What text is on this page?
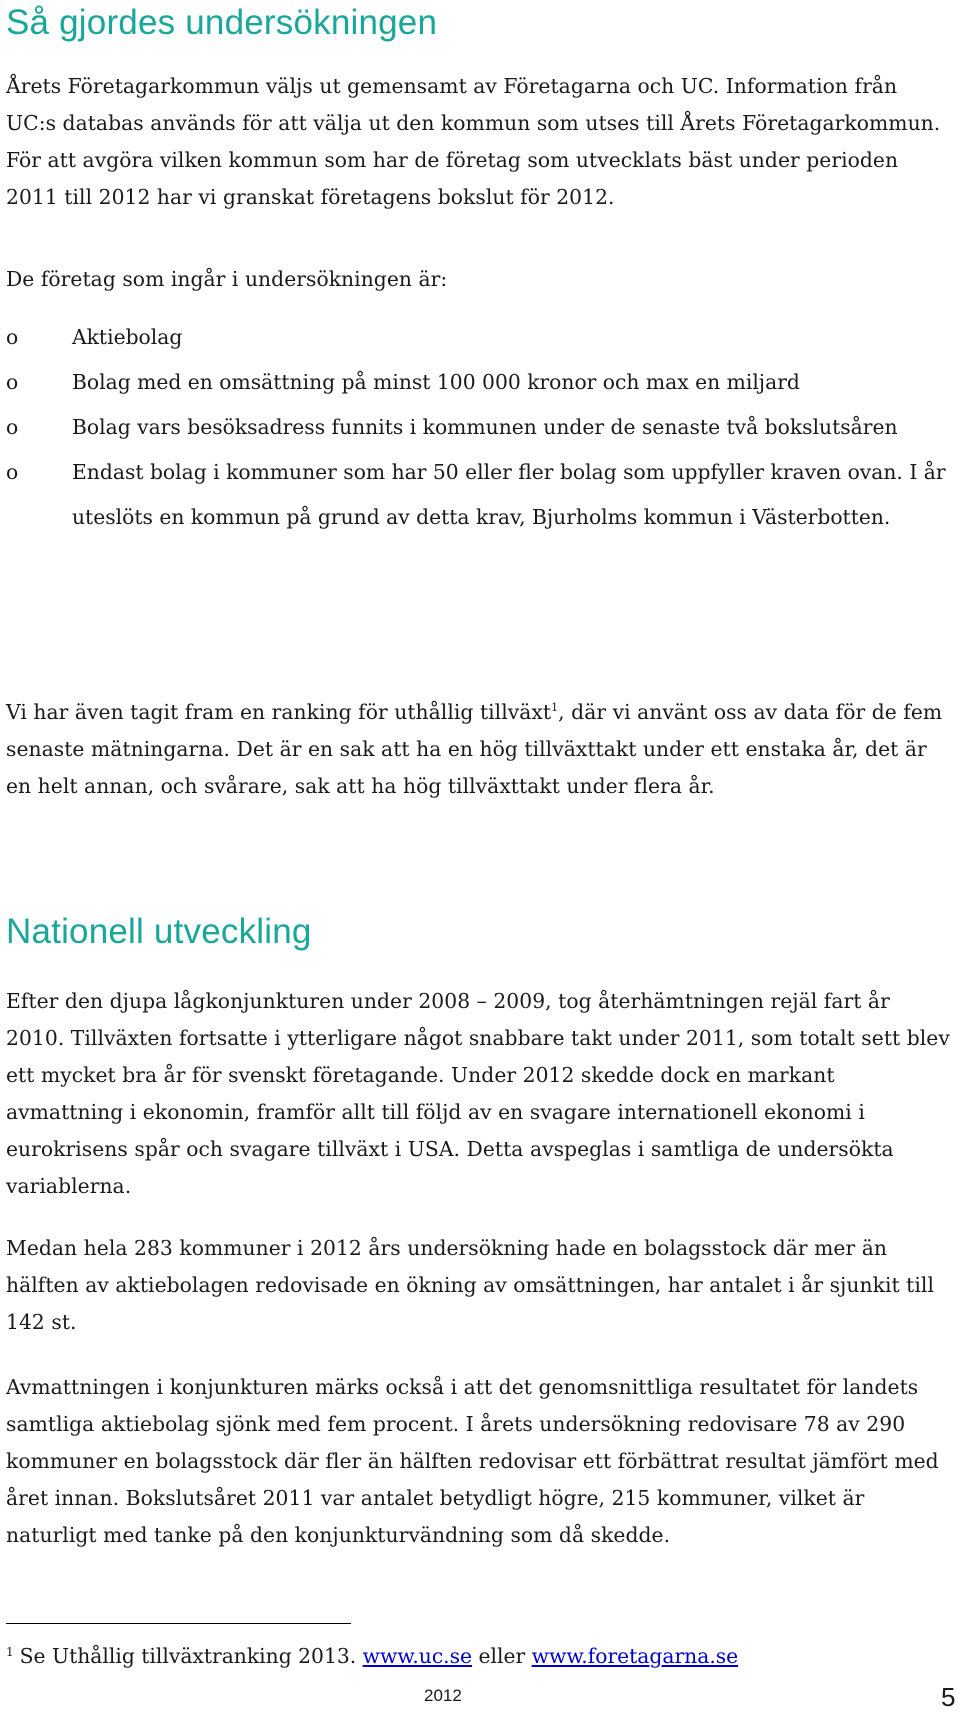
Så gjordes undersökningen

Årets Företagarkommun väljs ut gemensamt av Företagarna och UC. Information från UC:s databas används för att välja ut den kommun som utses till Årets Företagarkommun. För att avgöra vilken kommun som har de företag som utvecklats bäst under perioden 2011 till 2012 har vi granskat företagens bokslut för 2012.

De företag som ingår i undersökningen är:

o	Aktiebolag
o	Bolag med en omsättning på minst 100 000 kronor och max en miljard
o	Bolag vars besöksadress funnits i kommunen under de senaste två bokslutsåren
o	Endast bolag i kommuner som har 50 eller fler bolag som uppfyller kraven ovan. I år uteslöts en kommun på grund av detta krav, Bjurholms kommun i Västerbotten.

Vi har även tagit fram en ranking för uthållig tillväxt$^1$, där vi använt oss av data för de fem senaste mätningarna. Det är en sak att ha en hög tillväxttakt under ett enstaka år, det är en helt annan, och svårare, sak att ha hög tillväxttakt under flera år.

Nationell utveckling

Efter den djupa lågkonjunkturen under 2008 – 2009, tog återhämtningen rejäl fart år 2010. Tillväxten fortsatte i ytterligare något snabbare takt under 2011, som totalt sett blev ett mycket bra år för svenskt företagande. Under 2012 skedde dock en markant avmattning i ekonomin, framför allt till följd av en svagare internationell ekonomi i eurokrisens spår och svagare tillväxt i USA. Detta avspeglas i samtliga de undersökta variablerna.

Medan hela 283 kommuner i 2012 års undersökning hade en bolagsstock där mer än hälften av aktiebolagen redovisade en ökning av omsättningen, har antalet i år sjunkit till 142 st.

Avmattningen i konjunkturen märks också i att det genomsnittliga resultatet för landets samtliga aktiebolag sjönk med fem procent. I årets undersökning redovisare 78 av 290 kommuner en bolagsstock där fler än hälften redovisar ett förbättrat resultat jämfört med året innan. Bokslutsåret 2011 var antalet betydligt högre, 215 kommuner, vilket är naturligt med tanke på den konjunkturvändning som då skedde.

$^1$ Se Uthållig tillväxtranking 2013. www.uc.se eller www.foretagarna.se
2012	5
